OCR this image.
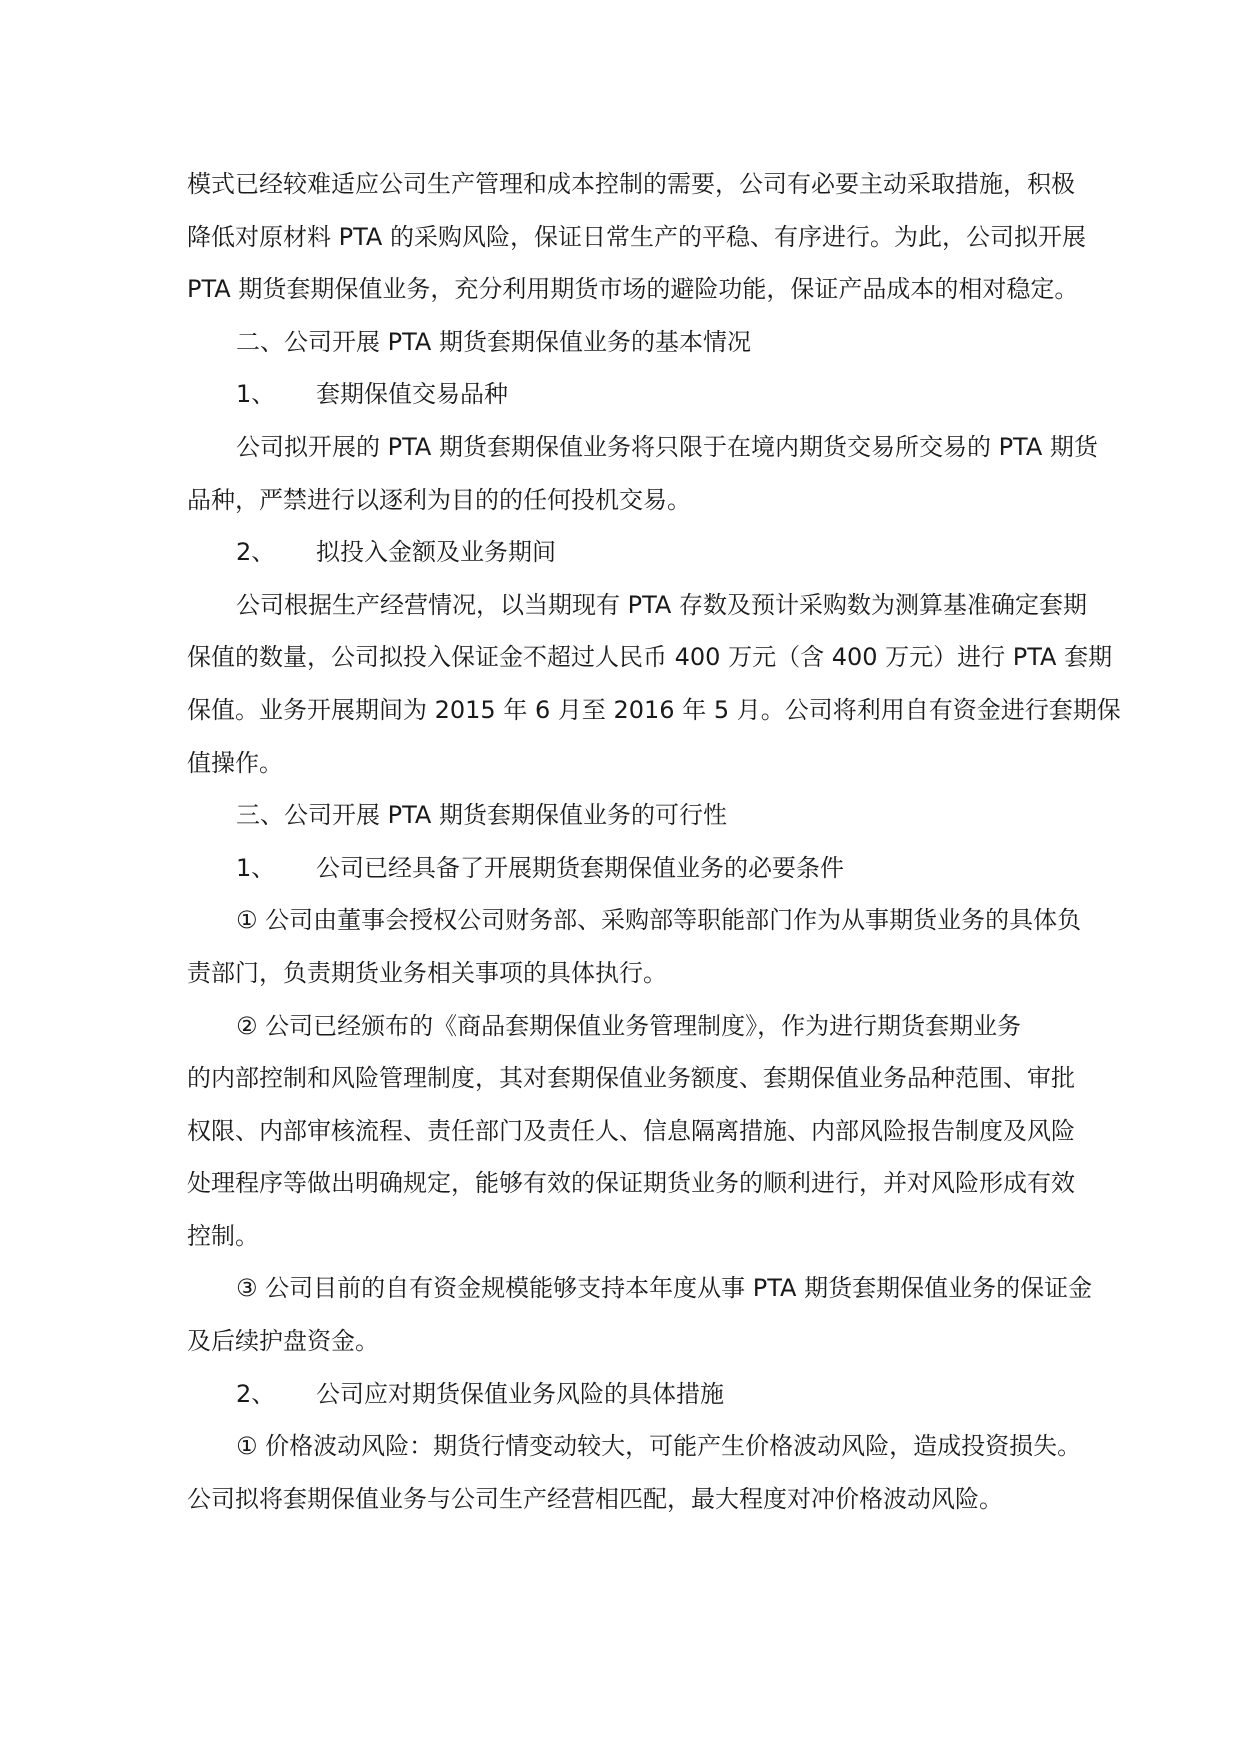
模式已经较难适应公司生产管理和成本控制的需要，公司有必要主动采取措施，积极
降低对原材料 PTA 的采购风险，保证日常生产的平稳、有序进行。为此，公司拟开展
PTA 期货套期保值业务，充分利用期货市场的避险功能，保证产品成本的相对稳定。
二、公司开展 PTA 期货套期保值业务的基本情况
1、 套期保值交易品种
公司拟开展的 PTA 期货套期保值业务将只限于在境内期货交易所交易的 PTA 期货
品种，严禁进行以逐利为目的的任何投机交易。
2、 拟投入金额及业务期间
公司根据生产经营情况，以当期现有 PTA 存数及预计采购数为测算基准确定套期
保值的数量，公司拟投入保证金不超过人民币 400 万元（含 400 万元）进行 PTA 套期
保值。业务开展期间为 2015 年 6 月至 2016 年 5 月。公司将利用自有资金进行套期保
值操作。
三、公司开展 PTA 期货套期保值业务的可行性
1、 公司已经具备了开展期货套期保值业务的必要条件
① 公司由董事会授权公司财务部、采购部等职能部门作为从事期货业务的具体负
责部门，负责期货业务相关事项的具体执行。
② 公司已经颁布的《商品套期保值业务管理制度》，作为进行期货套期业务
的内部控制和风险管理制度，其对套期保值业务额度、套期保值业务品种范围、审批
权限、内部审核流程、责任部门及责任人、信息隔离措施、内部风险报告制度及风险
处理程序等做出明确规定，能够有效的保证期货业务的顺利进行，并对风险形成有效
控制。
③ 公司目前的自有资金规模能够支持本年度从事 PTA 期货套期保值业务的保证金
及后续护盘资金。
2、 公司应对期货保值业务风险的具体措施
① 价格波动风险：期货行情变动较大，可能产生价格波动风险，造成投资损失。
公司拟将套期保值业务与公司生产经营相匹配，最大程度对冲价格波动风险。
